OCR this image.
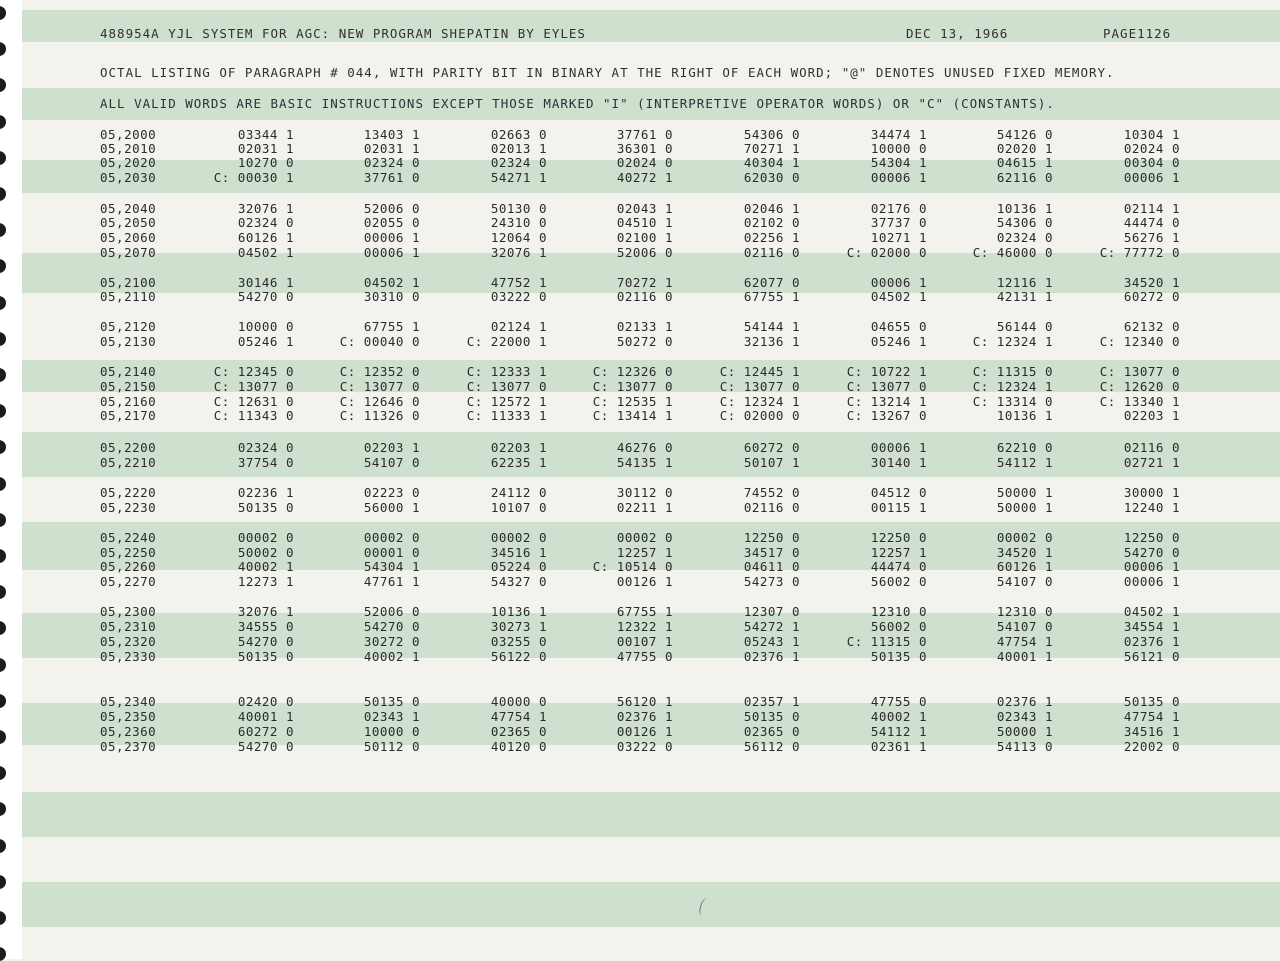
488954A YJL SYSTEM FOR AGC: NEW PROGRAM SHEPATIN BY EYLES	DEC 13, 1966	PAGE1126
OCTAL LISTING OF PARAGRAPH # 044, WITH PARITY BIT IN BINARY AT THE RIGHT OF EACH WORD; "@" DENOTES UNUSED FIXED MEMORY.
ALL VALID WORDS ARE BASIC INSTRUCTIONS EXCEPT THOSE MARKED "I" (INTERPRETIVE OPERATOR WORDS) OR "C" (CONSTANTS).
05,2000	03344 1	13403 1	02663 0	37761 0	54306 0	34474 1	54126 0	10304 1
05,2010	02031 1	02031 1	02013 1	36301 0	70271 1	10000 0	02020 1	02024 0
05,2020	10270 0	02324 0	02324 0	02024 0	40304 1	54304 1	04615 1	00304 0
05,2030	C: 00030 1	37761 0	54271 1	40272 1	62030 0	00006 1	62116 0	00006 1
05,2040	32076 1	52006 0	50130 0	02043 1	02046 1	02176 0	10136 1	02114 1
05,2050	02324 0	02055 0	24310 0	04510 1	02102 0	37737 0	54306 0	44474 0
05,2060	60126 1	00006 1	12064 0	02100 1	02256 1	10271 1	02324 0	56276 1
05,2070	04502 1	00006 1	32076 1	52006 0	02116 0	C: 02000 0	C: 46000 0	C: 77772 0
05,2100	30146 1	04502 1	47752 1	70272 1	62077 0	00006 1	12116 1	34520 1
05,2110	54270 0	30310 0	03222 0	02116 0	67755 1	04502 1	42131 1	60272 0
05,2120	10000 0	67755 1	02124 1	02133 1	54144 1	04655 0	56144 0	62132 0
05,2130	05246 1	C: 00040 0	C: 22000 1	50272 0	32136 1	05246 1	C: 12324 1	C: 12340 0
05,2140	C: 12345 0	C: 12352 0	C: 12333 1	C: 12326 0	C: 12445 1	C: 10722 1	C: 11315 0	C: 13077 0
05,2150	C: 13077 0	C: 13077 0	C: 13077 0	C: 13077 0	C: 13077 0	C: 13077 0	C: 12324 1	C: 12620 0
05,2160	C: 12631 0	C: 12646 0	C: 12572 1	C: 12535 1	C: 12324 1	C: 13214 1	C: 13314 0	C: 13340 1
05,2170	C: 11343 0	C: 11326 0	C: 11333 1	C: 13414 1	C: 02000 0	C: 13267 0	10136 1	02203 1
05,2200	02324 0	02203 1	02203 1	46276 0	60272 0	00006 1	62210 0	02116 0
05,2210	37754 0	54107 0	62235 1	54135 1	50107 1	30140 1	54112 1	02721 1
05,2220	02236 1	02223 0	24112 0	30112 0	74552 0	04512 0	50000 1	30000 1
05,2230	50135 0	56000 1	10107 0	02211 1	02116 0	00115 1	50000 1	12240 1
05,2240	00002 0	00002 0	00002 0	00002 0	12250 0	12250 0	00002 0	12250 0
05,2250	50002 0	00001 0	34516 1	12257 1	34517 0	12257 1	34520 1	54270 0
05,2260	40002 1	54304 1	05224 0	C: 10514 0	04611 0	44474 0	60126 1	00006 1
05,2270	12273 1	47761 1	54327 0	00126 1	54273 0	56002 0	54107 0	00006 1
05,2300	32076 1	52006 0	10136 1	67755 1	12307 0	12310 0	12310 0	04502 1
05,2310	34555 0	54270 0	30273 1	12322 1	54272 1	56002 0	54107 0	34554 1
05,2320	54270 0	30272 0	03255 0	00107 1	05243 1	C: 11315 0	47754 1	02376 1
05,2330	50135 0	40002 1	56122 0	47755 0	02376 1	50135 0	40001 1	56121 0
05,2340	02420 0	50135 0	40000 0	56120 1	02357 1	47755 0	02376 1	50135 0
05,2350	40001 1	02343 1	47754 1	02376 1	50135 0	40002 1	02343 1	47754 1
05,2360	60272 0	10000 0	02365 0	00126 1	02365 0	54112 1	50000 1	34516 1
05,2370	54270 0	50112 0	40120 0	03222 0	56112 0	02361 1	54113 0	22002 0
